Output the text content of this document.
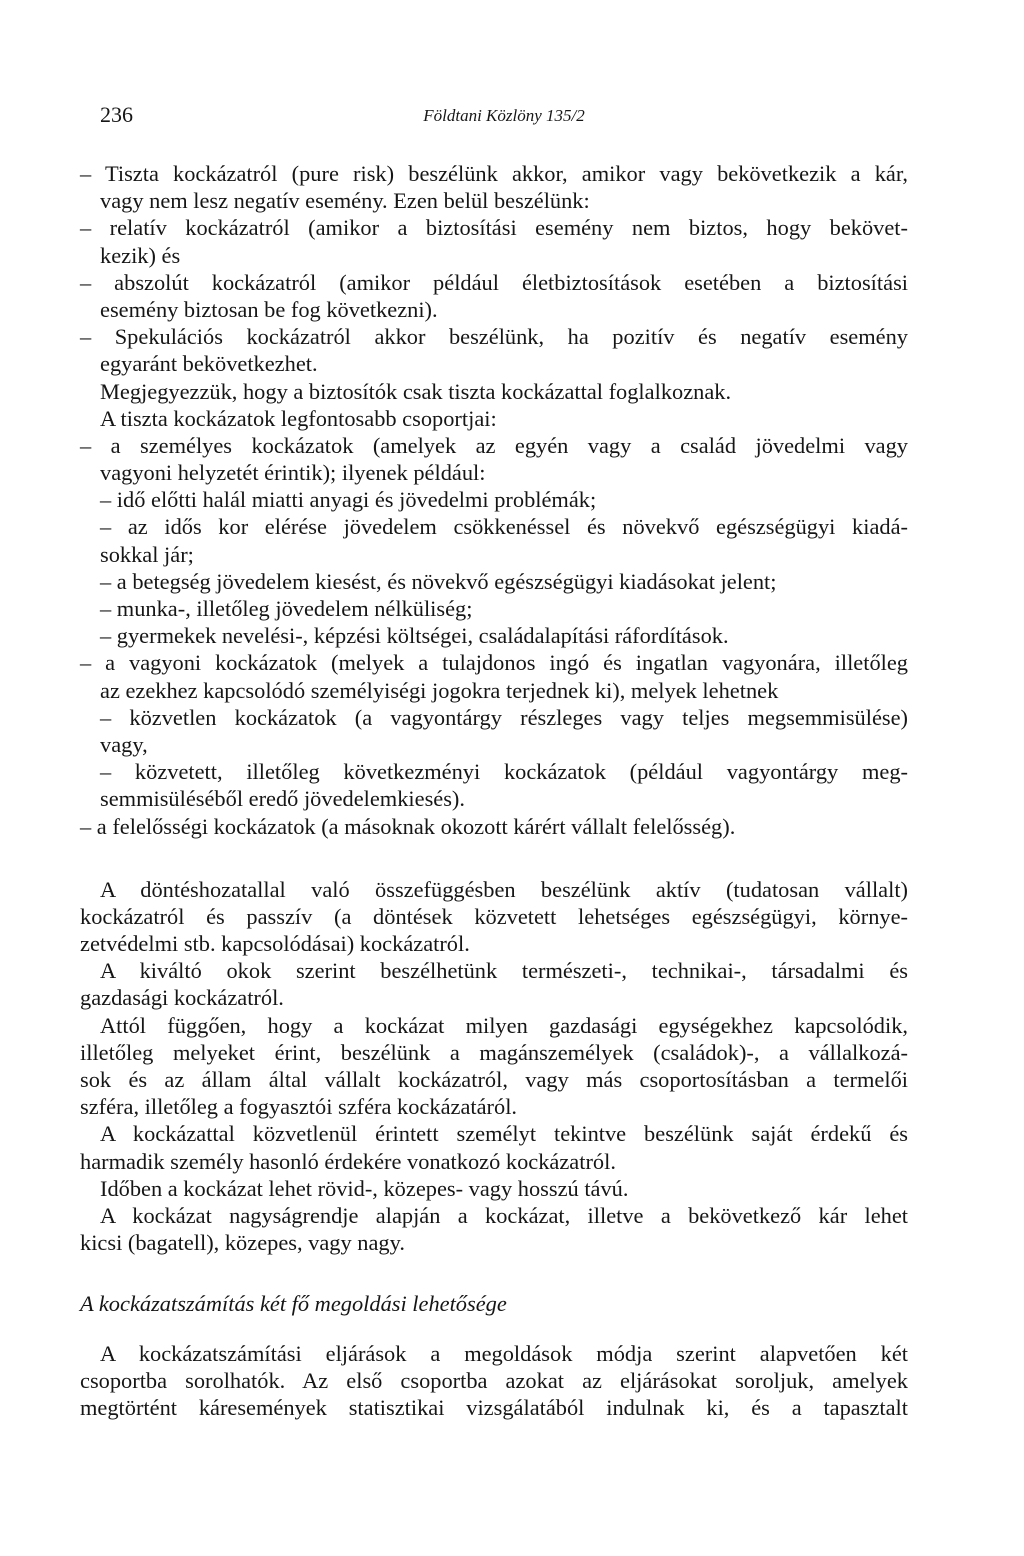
236	Földtani Közlöny 135/2
– Tiszta kockázatról (pure risk) beszélünk akkor, amikor vagy bekövetkezik a kár,
vagy nem lesz negatív esemény. Ezen belül beszélünk:
– relatív kockázatról (amikor a biztosítási esemény nem biztos, hogy bekövet-
kezik) és
– abszolút kockázatról (amikor például életbiztosítások esetében a biztosítási
esemény biztosan be fog következni).
– Spekulációs kockázatról akkor beszélünk, ha pozitív és negatív esemény
egyaránt bekövetkezhet.
Megjegyezzük, hogy a biztosítók csak tiszta kockázattal foglalkoznak.
A tiszta kockázatok legfontosabb csoportjai:
– a személyes kockázatok (amelyek az egyén vagy a család jövedelmi vagy
vagyoni helyzetét érintik); ilyenek például:
– idő előtti halál miatti anyagi és jövedelmi problémák;
– az idős kor elérése jövedelem csökkenéssel és növekvő egészségügyi kiadá-
sokkal jár;
– a betegség jövedelem kiesést, és növekvő egészségügyi kiadásokat jelent;
– munka-, illetőleg jövedelem nélküliség;
– gyermekek nevelési-, képzési költségei, családalapítási ráfordítások.
– a vagyoni kockázatok (melyek a tulajdonos ingó és ingatlan vagyonára, illetőleg
az ezekhez kapcsolódó személyiségi jogokra terjednek ki), melyek lehetnek
– közvetlen kockázatok (a vagyontárgy részleges vagy teljes megsemmisülése)
vagy,
– közvetett, illetőleg következményi kockázatok (például vagyontárgy meg-
semmisüléséből eredő jövedelemkiesés).
– a felelősségi kockázatok (a másoknak okozott kárért vállalt felelősség).
A döntéshozatallal való összefüggésben beszélünk aktív (tudatosan vállalt)
kockázatról és passzív (a döntések közvetett lehetséges egészségügyi, környe-
zetvédelmi stb. kapcsolódásai) kockázatról.
A kiváltó okok szerint beszélhetünk természeti-, technikai-, társadalmi és
gazdasági kockázatról.
Attól függően, hogy a kockázat milyen gazdasági egységekhez kapcsolódik,
illetőleg melyeket érint, beszélünk a magánszemélyek (családok)-, a vállalkozá-
sok és az állam által vállalt kockázatról, vagy más csoportosításban a termelői
szféra, illetőleg a fogyasztói szféra kockázatáról.
A kockázattal közvetlenül érintett személyt tekintve beszélünk saját érdekű és
harmadik személy hasonló érdekére vonatkozó kockázatról.
Időben a kockázat lehet rövid-, közepes- vagy hosszú távú.
A kockázat nagyságrendje alapján a kockázat, illetve a bekövetkező kár lehet
kicsi (bagatell), közepes, vagy nagy.
A kockázatszámítás két fő megoldási lehetősége
A kockázatszámítási eljárások a megoldások módja szerint alapvetően két
csoportba sorolhatók. Az első csoportba azokat az eljárásokat soroljuk, amelyek
megtörtént káresemények statisztikai vizsgálatából indulnak ki, és a tapasztalt
